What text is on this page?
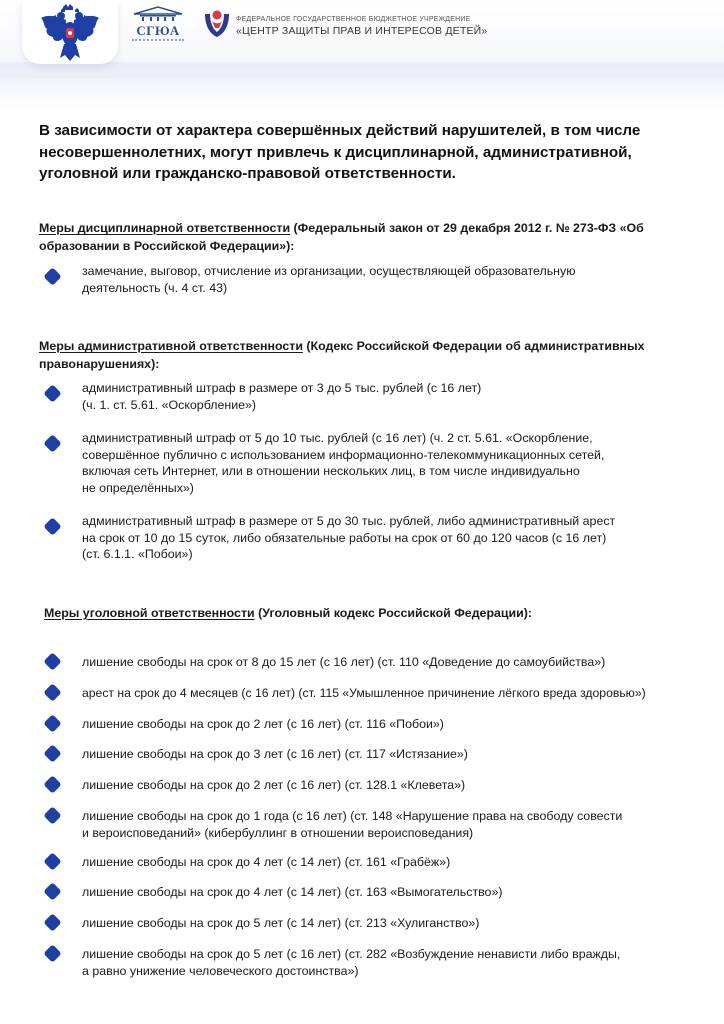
СГЮА
ФЕДЕРАЛЬНОЕ ГОСУДАРСТВЕННОЕ БЮДЖЕТНОЕ УЧРЕЖДЕНИЕ
«ЦЕНТР ЗАЩИТЫ ПРАВ И ИНТЕРЕСОВ ДЕТЕЙ»
В зависимости от характера совершённых действий нарушителей, в том числе несовершеннолетних, могут привлечь к дисциплинарной, административной, уголовной или гражданско-правовой ответственности.
Меры дисциплинарной ответственности (Федеральный закон от 29 декабря 2012 г. № 273-ФЗ «Об образовании в Российской Федерации»):
замечание, выговор, отчисление из организации, осуществляющей образовательную
деятельность (ч. 4 ст. 43)
Меры административной ответственности (Кодекс Российской Федерации об административных правонарушениях):
административный штраф в размере от 3 до 5 тыс. рублей (с 16 лет)
(ч. 1. ст. 5.61. «Оскорбление»)
административный штраф от 5 до 10 тыс. рублей (с 16 лет) (ч. 2 ст. 5.61. «Оскорбление,
совершённое публично с использованием информационно-телекоммуникационных сетей,
включая сеть Интернет, или в отношении нескольких лиц, в том числе индивидуально
не определённых»)
административный штраф в размере от 5 до 30 тыс. рублей, либо административный арест
на срок от 10 до 15 суток, либо обязательные работы на срок от 60 до 120 часов (с 16 лет)
(ст. 6.1.1. «Побои»)
Меры уголовной ответственности (Уголовный кодекс Российской Федерации):
лишение свободы на срок от 8 до 15 лет (с 16 лет) (ст. 110 «Доведение до самоубийства»)
арест на срок до 4 месяцев (с 16 лет) (ст. 115 «Умышленное причинение лёгкого вреда здоровью»)
лишение свободы на срок до 2 лет (с 16 лет) (ст. 116 «Побои»)
лишение свободы на срок до 3 лет (с 16 лет) (ст. 117 «Истязание»)
лишение свободы на срок до 2 лет (с 16 лет) (ст. 128.1 «Клевета»)
лишение свободы на срок до 1 года (с 16 лет) (ст. 148 «Нарушение права на свободу совести
и вероисповеданий» (кибербуллинг в отношении вероисповедания)
лишение свободы на срок до 4 лет (с 14 лет) (ст. 161 «Грабёж»)
лишение свободы на срок до 4 лет (с 14 лет) (ст. 163 «Вымогательство»)
лишение свободы на срок до 5 лет (с 14 лет) (ст. 213 «Хулиганство»)
лишение свободы на срок до 5 лет (с 16 лет) (ст. 282 «Возбуждение ненависти либо вражды,
а равно унижение человеческого достоинства»)
